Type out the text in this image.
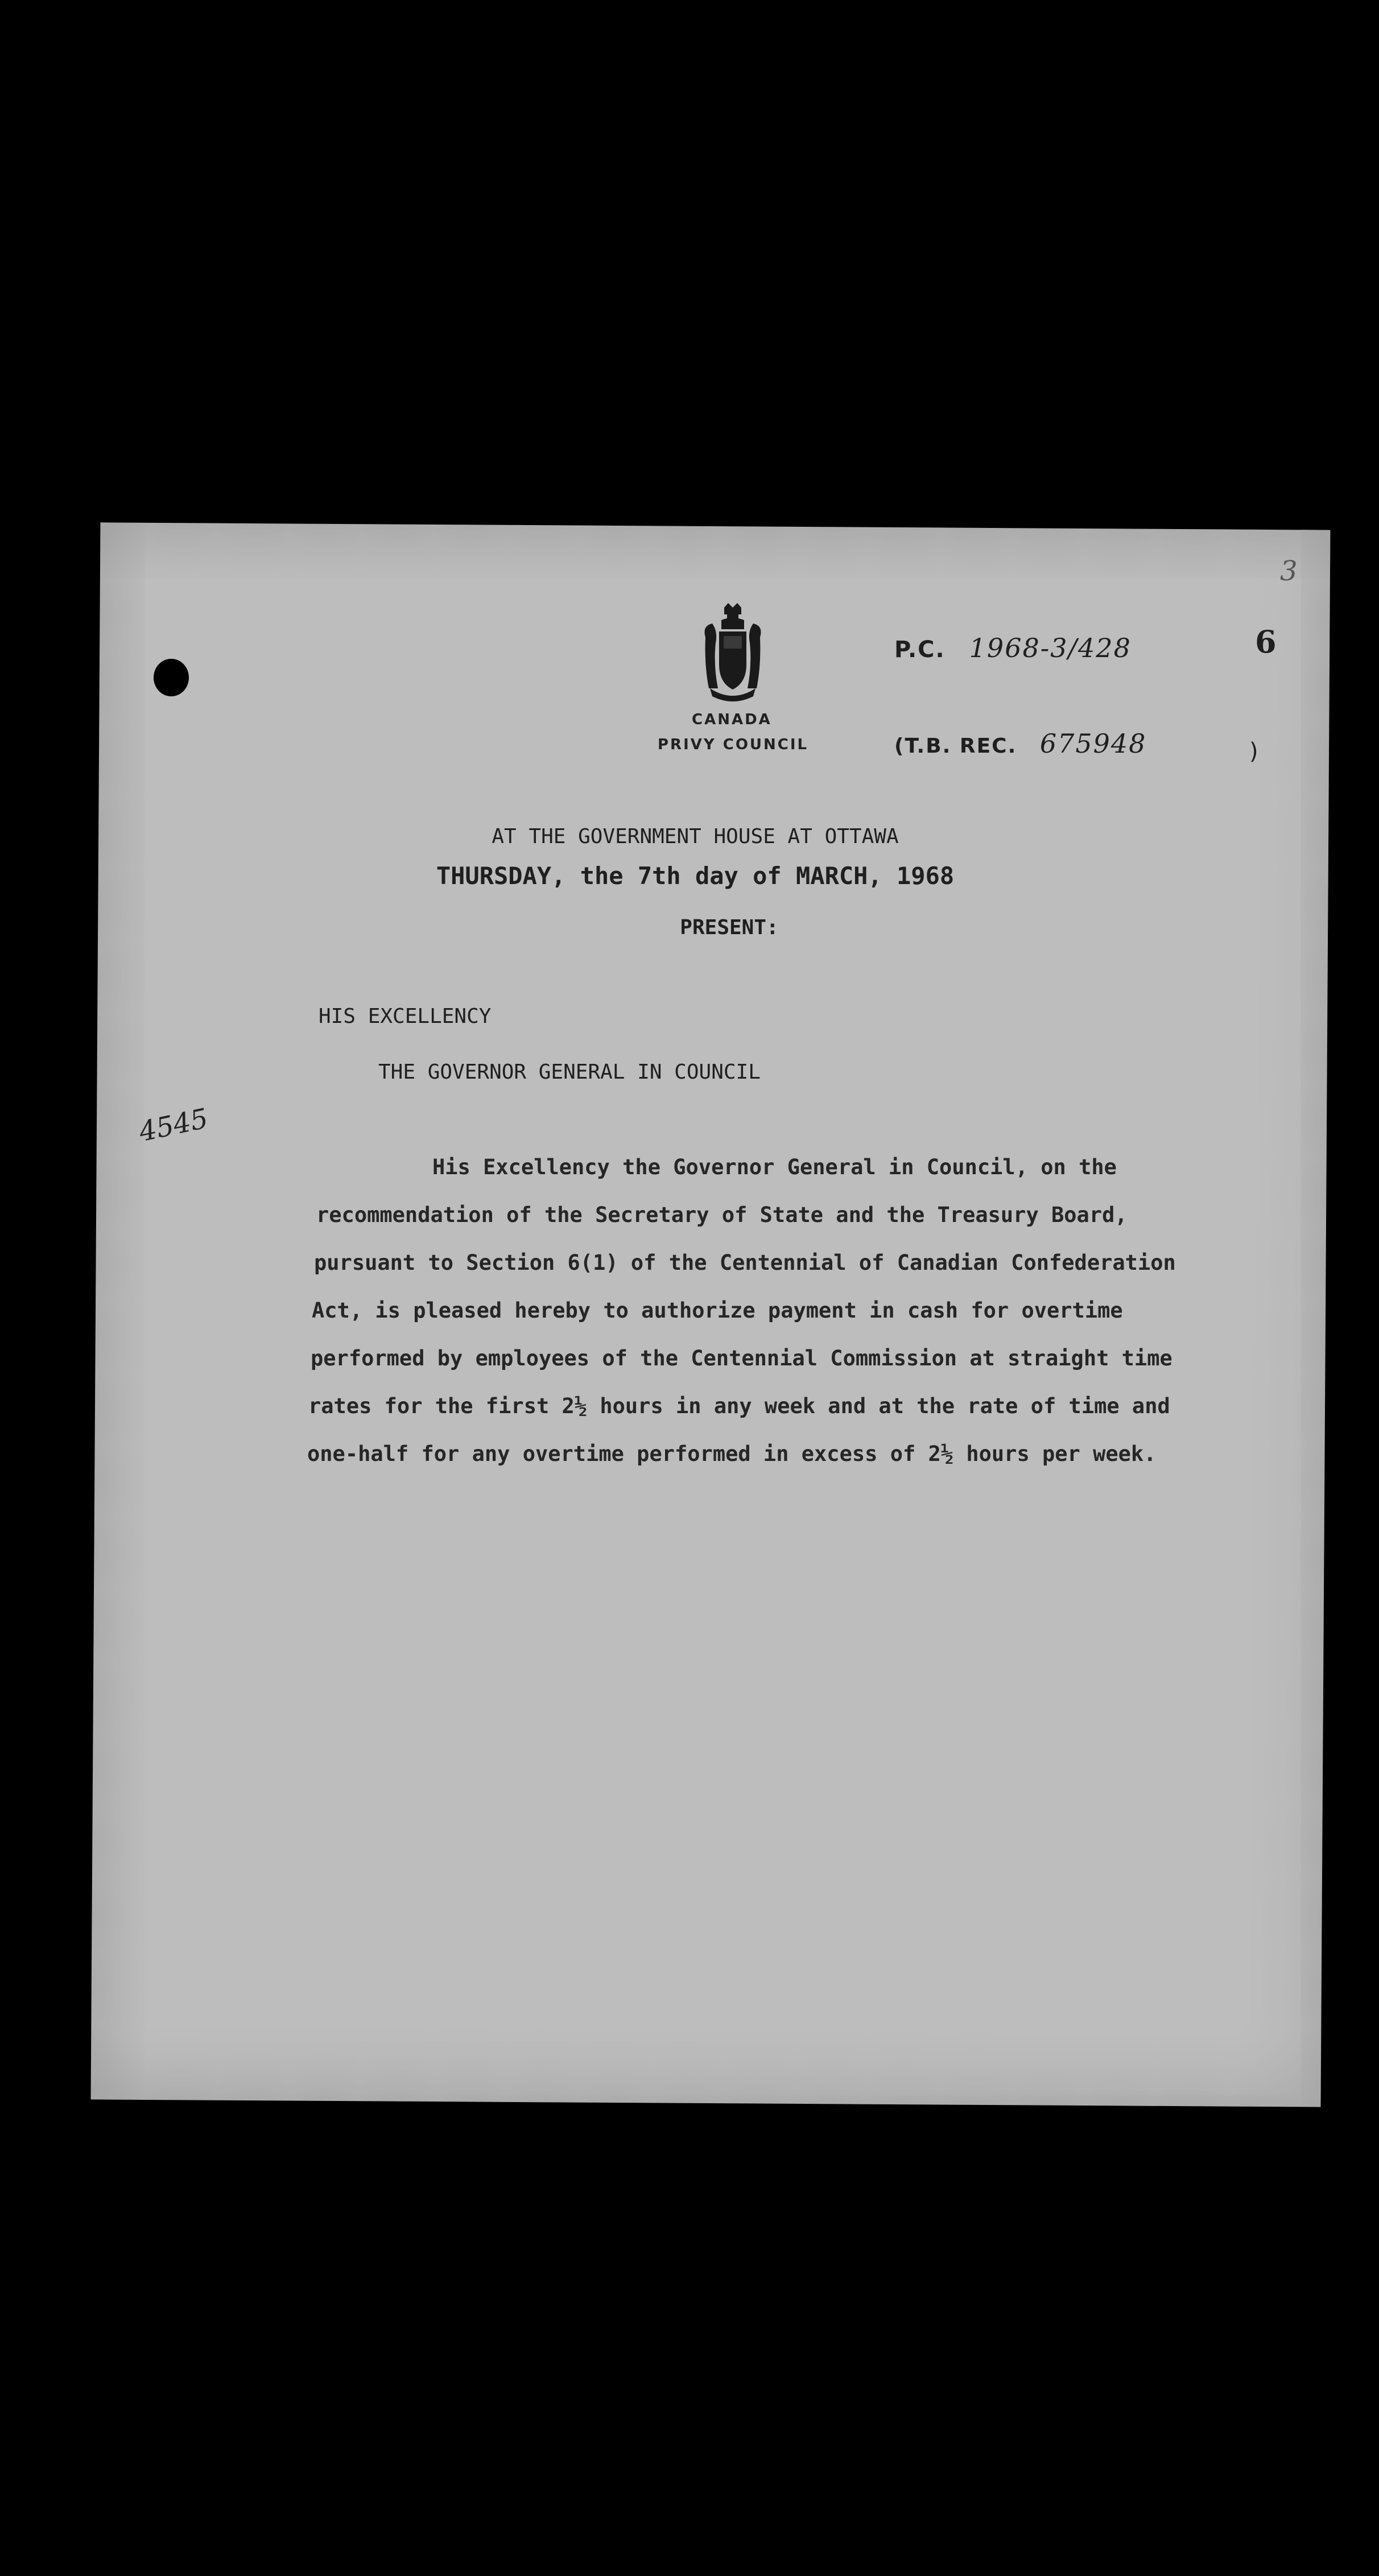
3
CANADA
PRIVY COUNCIL
P.C. 1968-3/428	6
(T.B. REC. 675948	)
4545
AT THE GOVERNMENT HOUSE AT OTTAWA
THURSDAY, the 7th day of MARCH, 1968
PRESENT:
HIS EXCELLENCY
THE GOVERNOR GENERAL IN COUNCIL
His Excellency the Governor General in Council, on the
recommendation of the Secretary of State and the Treasury Board,
pursuant to Section 6(1) of the Centennial of Canadian Confederation
Act, is pleased hereby to authorize payment in cash for overtime
performed by employees of the Centennial Commission at straight time
rates for the first 2½ hours in any week and at the rate of time and
one-half for any overtime performed in excess of 2½ hours per week.
